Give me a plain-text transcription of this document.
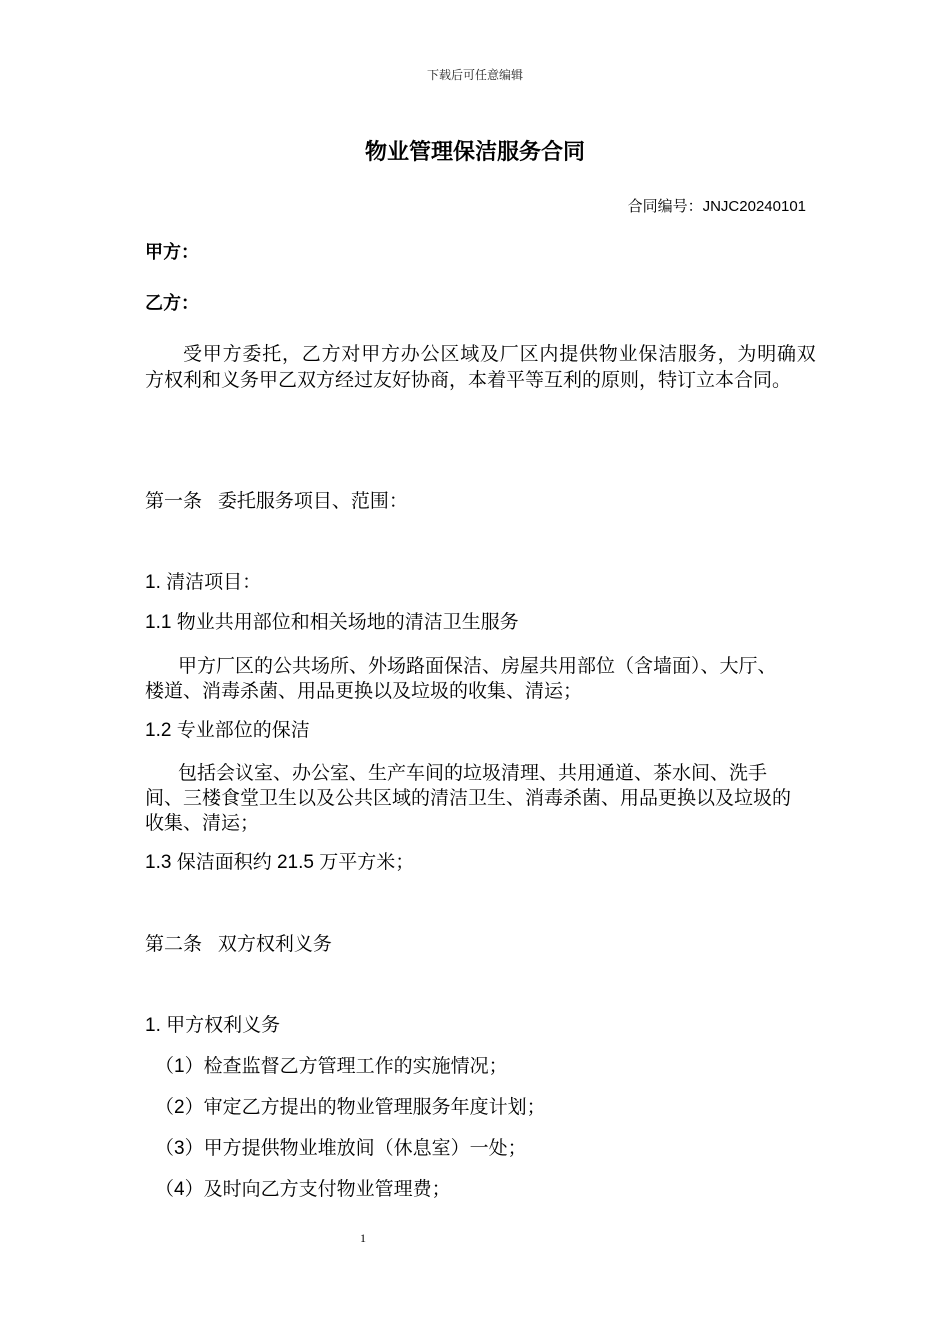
下载后可任意编辑
物业管理保洁服务合同
合同编号：JNJC20240101
甲方：
乙方：
受甲方委托，乙方对甲方办公区域及厂区内提供物业保洁服务，为明确双
方权利和义务甲乙双方经过友好协商，本着平等互利的原则，特订立本合同。
第一条   委托服务项目、范围：
1. 清洁项目：
1.1 物业共用部位和相关场地的清洁卫生服务
甲方厂区的公共场所、外场路面保洁、房屋共用部位（含墙面）、大厅、
楼道、消毒杀菌、用品更换以及垃圾的收集、清运；
1.2 专业部位的保洁
包括会议室、办公室、生产车间的垃圾清理、共用通道、茶水间、洗手
间、三楼食堂卫生以及公共区域的清洁卫生、消毒杀菌、用品更换以及垃圾的
收集、清运；
1.3 保洁面积约 21.5 万平方米；
第二条   双方权利义务
1. 甲方权利义务
（1）检查监督乙方管理工作的实施情况；
（2）审定乙方提出的物业管理服务年度计划；
（3）甲方提供物业堆放间（休息室）一处；
（4）及时向乙方支付物业管理费；
1
